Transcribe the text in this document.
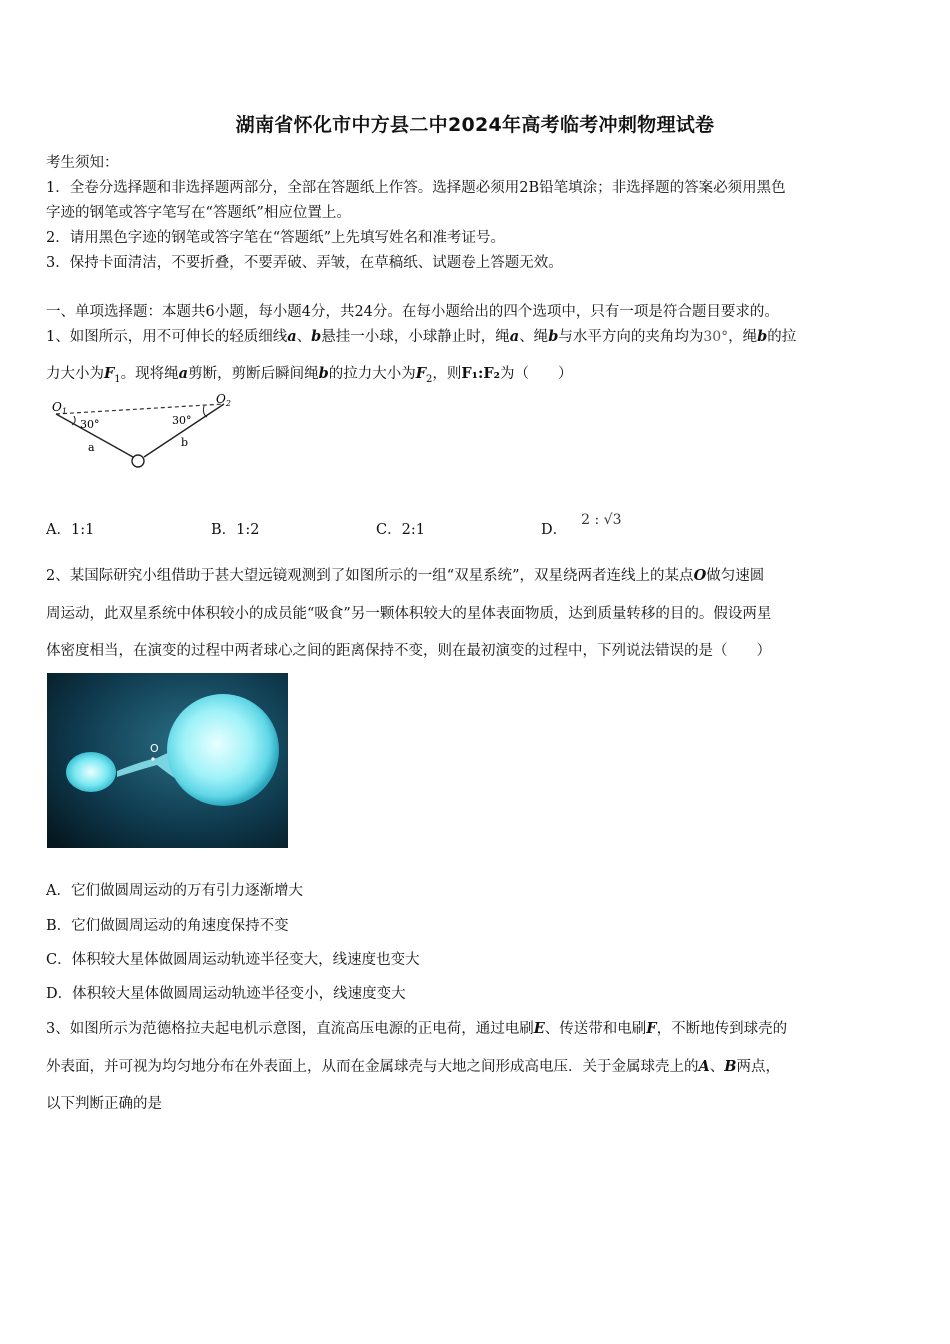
湖南省怀化市中方县二中2024年高考临考冲刺物理试卷
考生须知：
1．全卷分选择题和非选择题两部分，全部在答题纸上作答。选择题必须用2B铅笔填涂；非选择题的答案必须用黑色
字迹的钢笔或答字笔写在“答题纸”相应位置上。
2．请用黑色字迹的钢笔或答字笔在“答题纸”上先填写姓名和准考证号。
3．保持卡面清洁，不要折叠，不要弄破、弄皱，在草稿纸、试题卷上答题无效。
一、单项选择题：本题共6小题，每小题4分，共24分。在每小题给出的四个选项中，只有一项是符合题目要求的。
1、如图所示，用不可伸长的轻质细线a、b悬挂一小球，小球静止时，绳a、绳b与水平方向的夹角均为30°，绳b的拉
力大小为$F_1$。现将绳a剪断，剪断后瞬间绳b的拉力大小为$F_2$，则F₁:F₂为（　　）
$O_1$
$O_2$
30°	30°
a	b
A．1:1	B．1:2	C．2:1	D．2 : √3
2、某国际研究小组借助于甚大望远镜观测到了如图所示的一组“双星系统”，双星绕两者连线上的某点O做匀速圆
周运动，此双星系统中体积较小的成员能“吸食”另一颗体积较大的星体表面物质，达到质量转移的目的。假设两星
体密度相当，在演变的过程中两者球心之间的距离保持不变，则在最初演变的过程中，下列说法错误的是（　　）
O
A．它们做圆周运动的万有引力逐渐增大
B．它们做圆周运动的角速度保持不变
C．体积较大星体做圆周运动轨迹半径变大，线速度也变大
D．体积较大星体做圆周运动轨迹半径变小，线速度变大
3、如图所示为范德格拉夫起电机示意图，直流高压电源的正电荷，通过电刷E、传送带和电刷F，不断地传到球壳的
外表面，并可视为均匀地分布在外表面上，从而在金属球壳与大地之间形成高电压．关于金属球壳上的A、B两点，
以下判断正确的是
